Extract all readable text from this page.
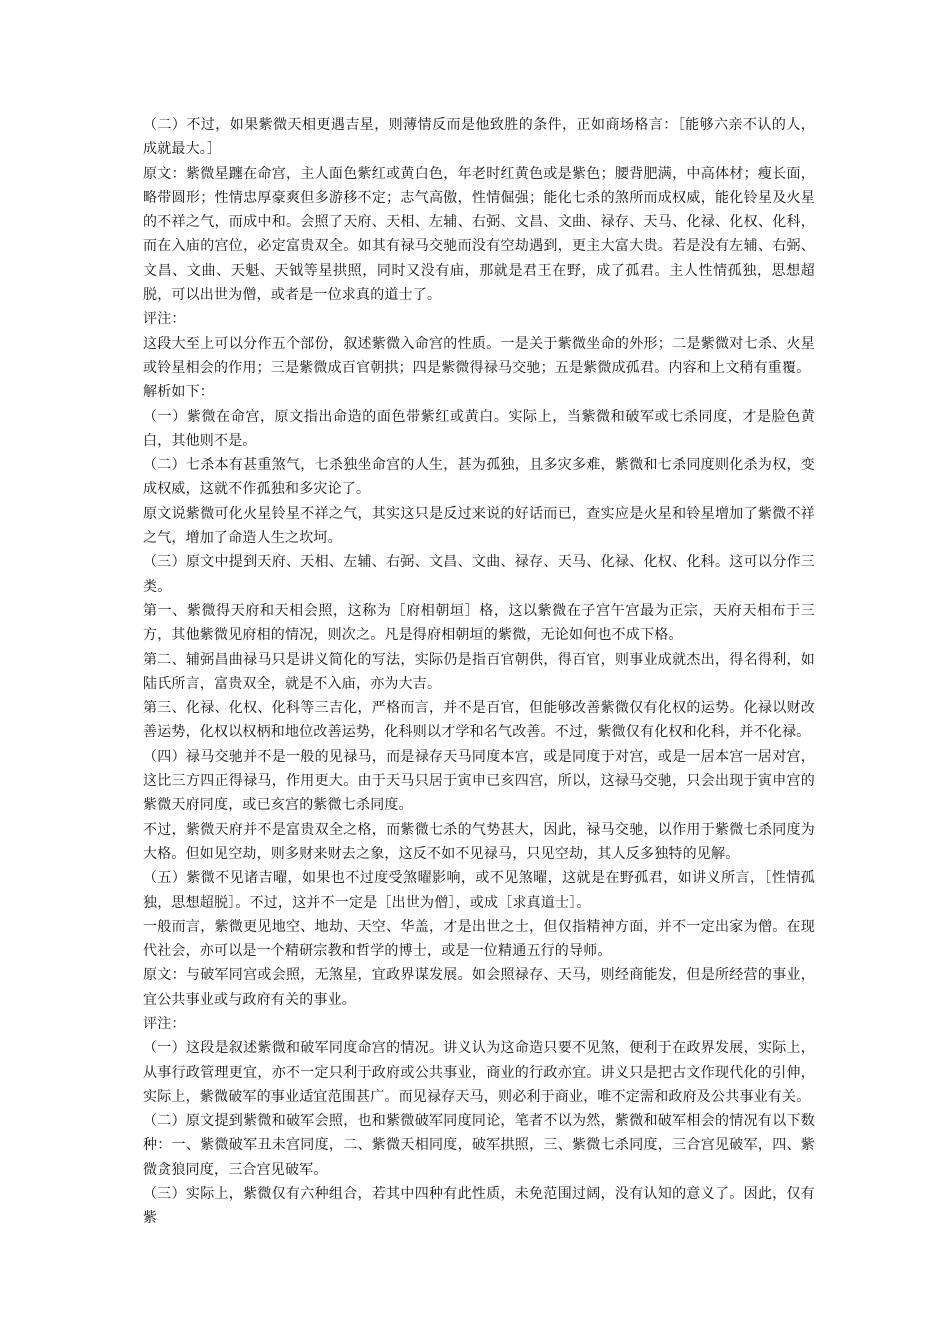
（二）不过，如果紫微天相更遇吉星，则薄情反而是他致胜的条件，正如商场格言：［能够六亲不认的人，成就最大。］

原文：紫微星躔在命宫，主人面色紫红或黄白色，年老时红黄色或是紫色；腰背肥满，中高体材；瘦长面，略带圆形；性情忠厚豪爽但多游移不定；志气高傲，性情倔强；能化七杀的煞所而成权威，能化铃星及火星的不祥之气，而成中和。会照了天府、天相、左辅、右弼、文昌、文曲、禄存、天马、化禄、化权、化科，而在入庙的宫位，必定富贵双全。如其有禄马交驰而没有空劫遇到，更主大富大贵。若是没有左辅、右弼、文昌、文曲、天魁、天钺等星拱照，同时又没有庙，那就是君王在野，成了孤君。主人性情孤独，思想超脱，可以出世为僧，或者是一位求真的道士了。

评注：

这段大至上可以分作五个部份，叙述紫微入命宫的性质。一是关于紫微坐命的外形；二是紫微对七杀、火星或铃星相会的作用；三是紫微成百官朝拱；四是紫微得禄马交驰；五是紫微成孤君。内容和上文稍有重覆。

解析如下：

（一）紫微在命宫，原文指出命造的面色带紫红或黄白。实际上，当紫微和破军或七杀同度，才是脸色黄白，其他则不是。

（二）七杀本有甚重煞气，七杀独坐命宫的人生，甚为孤独，且多灾多难，紫微和七杀同度则化杀为权，变成权威，这就不作孤独和多灾论了。

原文说紫微可化火星铃星不祥之气，其实这只是反过来说的好话而已，查实应是火星和铃星增加了紫微不祥之气，增加了命造人生之坎坷。

（三）原文中提到天府、天相、左辅、右弼、文昌、文曲、禄存、天马、化禄、化权、化科。这可以分作三类。

第一、紫微得天府和天相会照，这称为［府相朝垣］格，这以紫微在子宫午宫最为正宗，天府天相布于三方，其他紫微见府相的情况，则次之。凡是得府相朝垣的紫微，无论如何也不成下格。

第二、辅弼昌曲禄马只是讲义简化的写法，实际仍是指百官朝供，得百官，则事业成就杰出，得名得利，如陆氏所言，富贵双全，就是不入庙，亦为大吉。

第三、化禄、化权、化科等三吉化，严格而言，并不是百官，但能够改善紫微仅有化权的运势。化禄以财改善运势，化权以权柄和地位改善运势，化科则以才学和名气改善。不过，紫微仅有化权和化科，并不化禄。

（四）禄马交驰并不是一般的见禄马，而是禄存天马同度本宫，或是同度于对宫，或是一居本宫一居对宫，这比三方四正得禄马，作用更大。由于天马只居于寅申已亥四宫，所以，这禄马交驰，只会出现于寅申宫的紫微天府同度，或已亥宫的紫微七杀同度。

不过，紫微天府并不是富贵双全之格，而紫微七杀的气势甚大，因此，禄马交驰，以作用于紫微七杀同度为大格。但如见空劫，则多财来财去之象，这反不如不见禄马，只见空劫，其人反多独特的见解。

（五）紫微不见诸吉曜，如果也不过度受煞曜影响，或不见煞曜，这就是在野孤君，如讲义所言，［性情孤独，思想超脱］。不过，这并不一定是［出世为僧］，或成［求真道士］。

一般而言，紫微更见地空、地劫、天空、华盖，才是出世之士，但仅指精神方面，并不一定出家为僧。在现代社会，亦可以是一个精研宗教和哲学的博士，或是一位精通五行的导师。

原文：与破军同宫或会照，无煞星，宜政界谋发展。如会照禄存、天马，则经商能发，但是所经营的事业，宜公共事业或与政府有关的事业。

评注：

（一）这段是叙述紫微和破军同度命宫的情况。讲义认为这命造只要不见煞，便利于在政界发展，实际上，从事行政管理更宜，亦不一定只利于政府或公共事业，商业的行政亦宜。讲义只是把古文作现代化的引伸，实际上，紫微破军的事业适宜范围甚广。而见禄存天马，则必利于商业，唯不定需和政府及公共事业有关。

（二）原文提到紫微和破军会照，也和紫微破军同度同论，笔者不以为然，紫微和破军相会的情况有以下数种：一、紫微破军丑未宫同度，二、紫微天相同度，破军拱照，三、紫微七杀同度，三合宫见破军，四、紫微贪狼同度，三合宫见破军。

（三）实际上，紫微仅有六种组合，若其中四种有此性质，未免范围过阔，没有认知的意义了。因此，仅有紫
